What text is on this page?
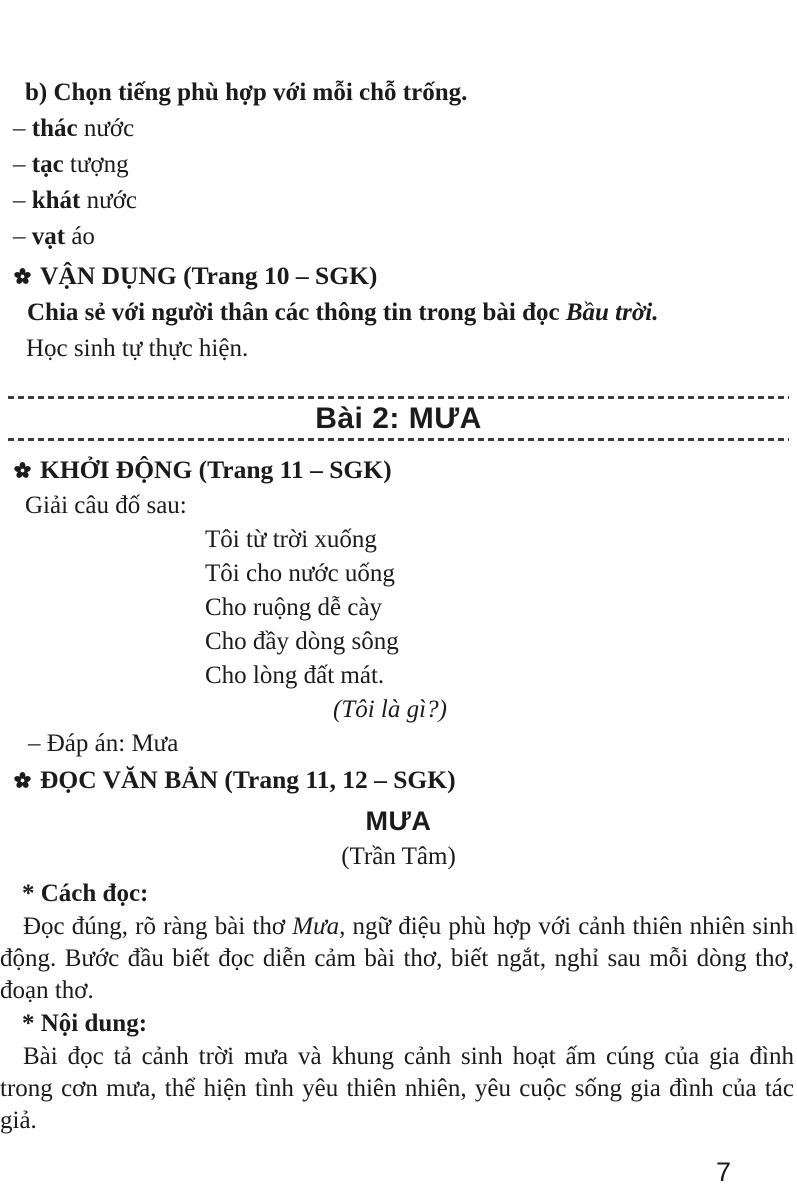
b) Chọn tiếng phù hợp với mỗi chỗ trống.
– thác nước
– tạc tượng
– khát nước
– vạt áo
VẬN DỤNG (Trang 10 – SGK)
Chia sẻ với người thân các thông tin trong bài đọc Bầu trời.
Học sinh tự thực hiện.
Bài 2: MƯA
KHỞI ĐỘNG (Trang 11 – SGK)
Giải câu đố sau:
Tôi từ trời xuống
Tôi cho nước uống
Cho ruộng dễ cày
Cho đầy dòng sông
Cho lòng đất mát.
(Tôi là gì?)
– Đáp án: Mưa
ĐỌC VĂN BẢN (Trang 11, 12 – SGK)
MƯA
(Trần Tâm)
* Cách đọc:

Đọc đúng, rõ ràng bài thơ Mưa, ngữ điệu phù hợp với cảnh thiên nhiên sinh động. Bước đầu biết đọc diễn cảm bài thơ, biết ngắt, nghỉ sau mỗi dòng thơ, đoạn thơ.

* Nội dung:

Bài đọc tả cảnh trời mưa và khung cảnh sinh hoạt ấm cúng của gia đình trong cơn mưa, thể hiện tình yêu thiên nhiên, yêu cuộc sống gia đình của tác giả.

7
